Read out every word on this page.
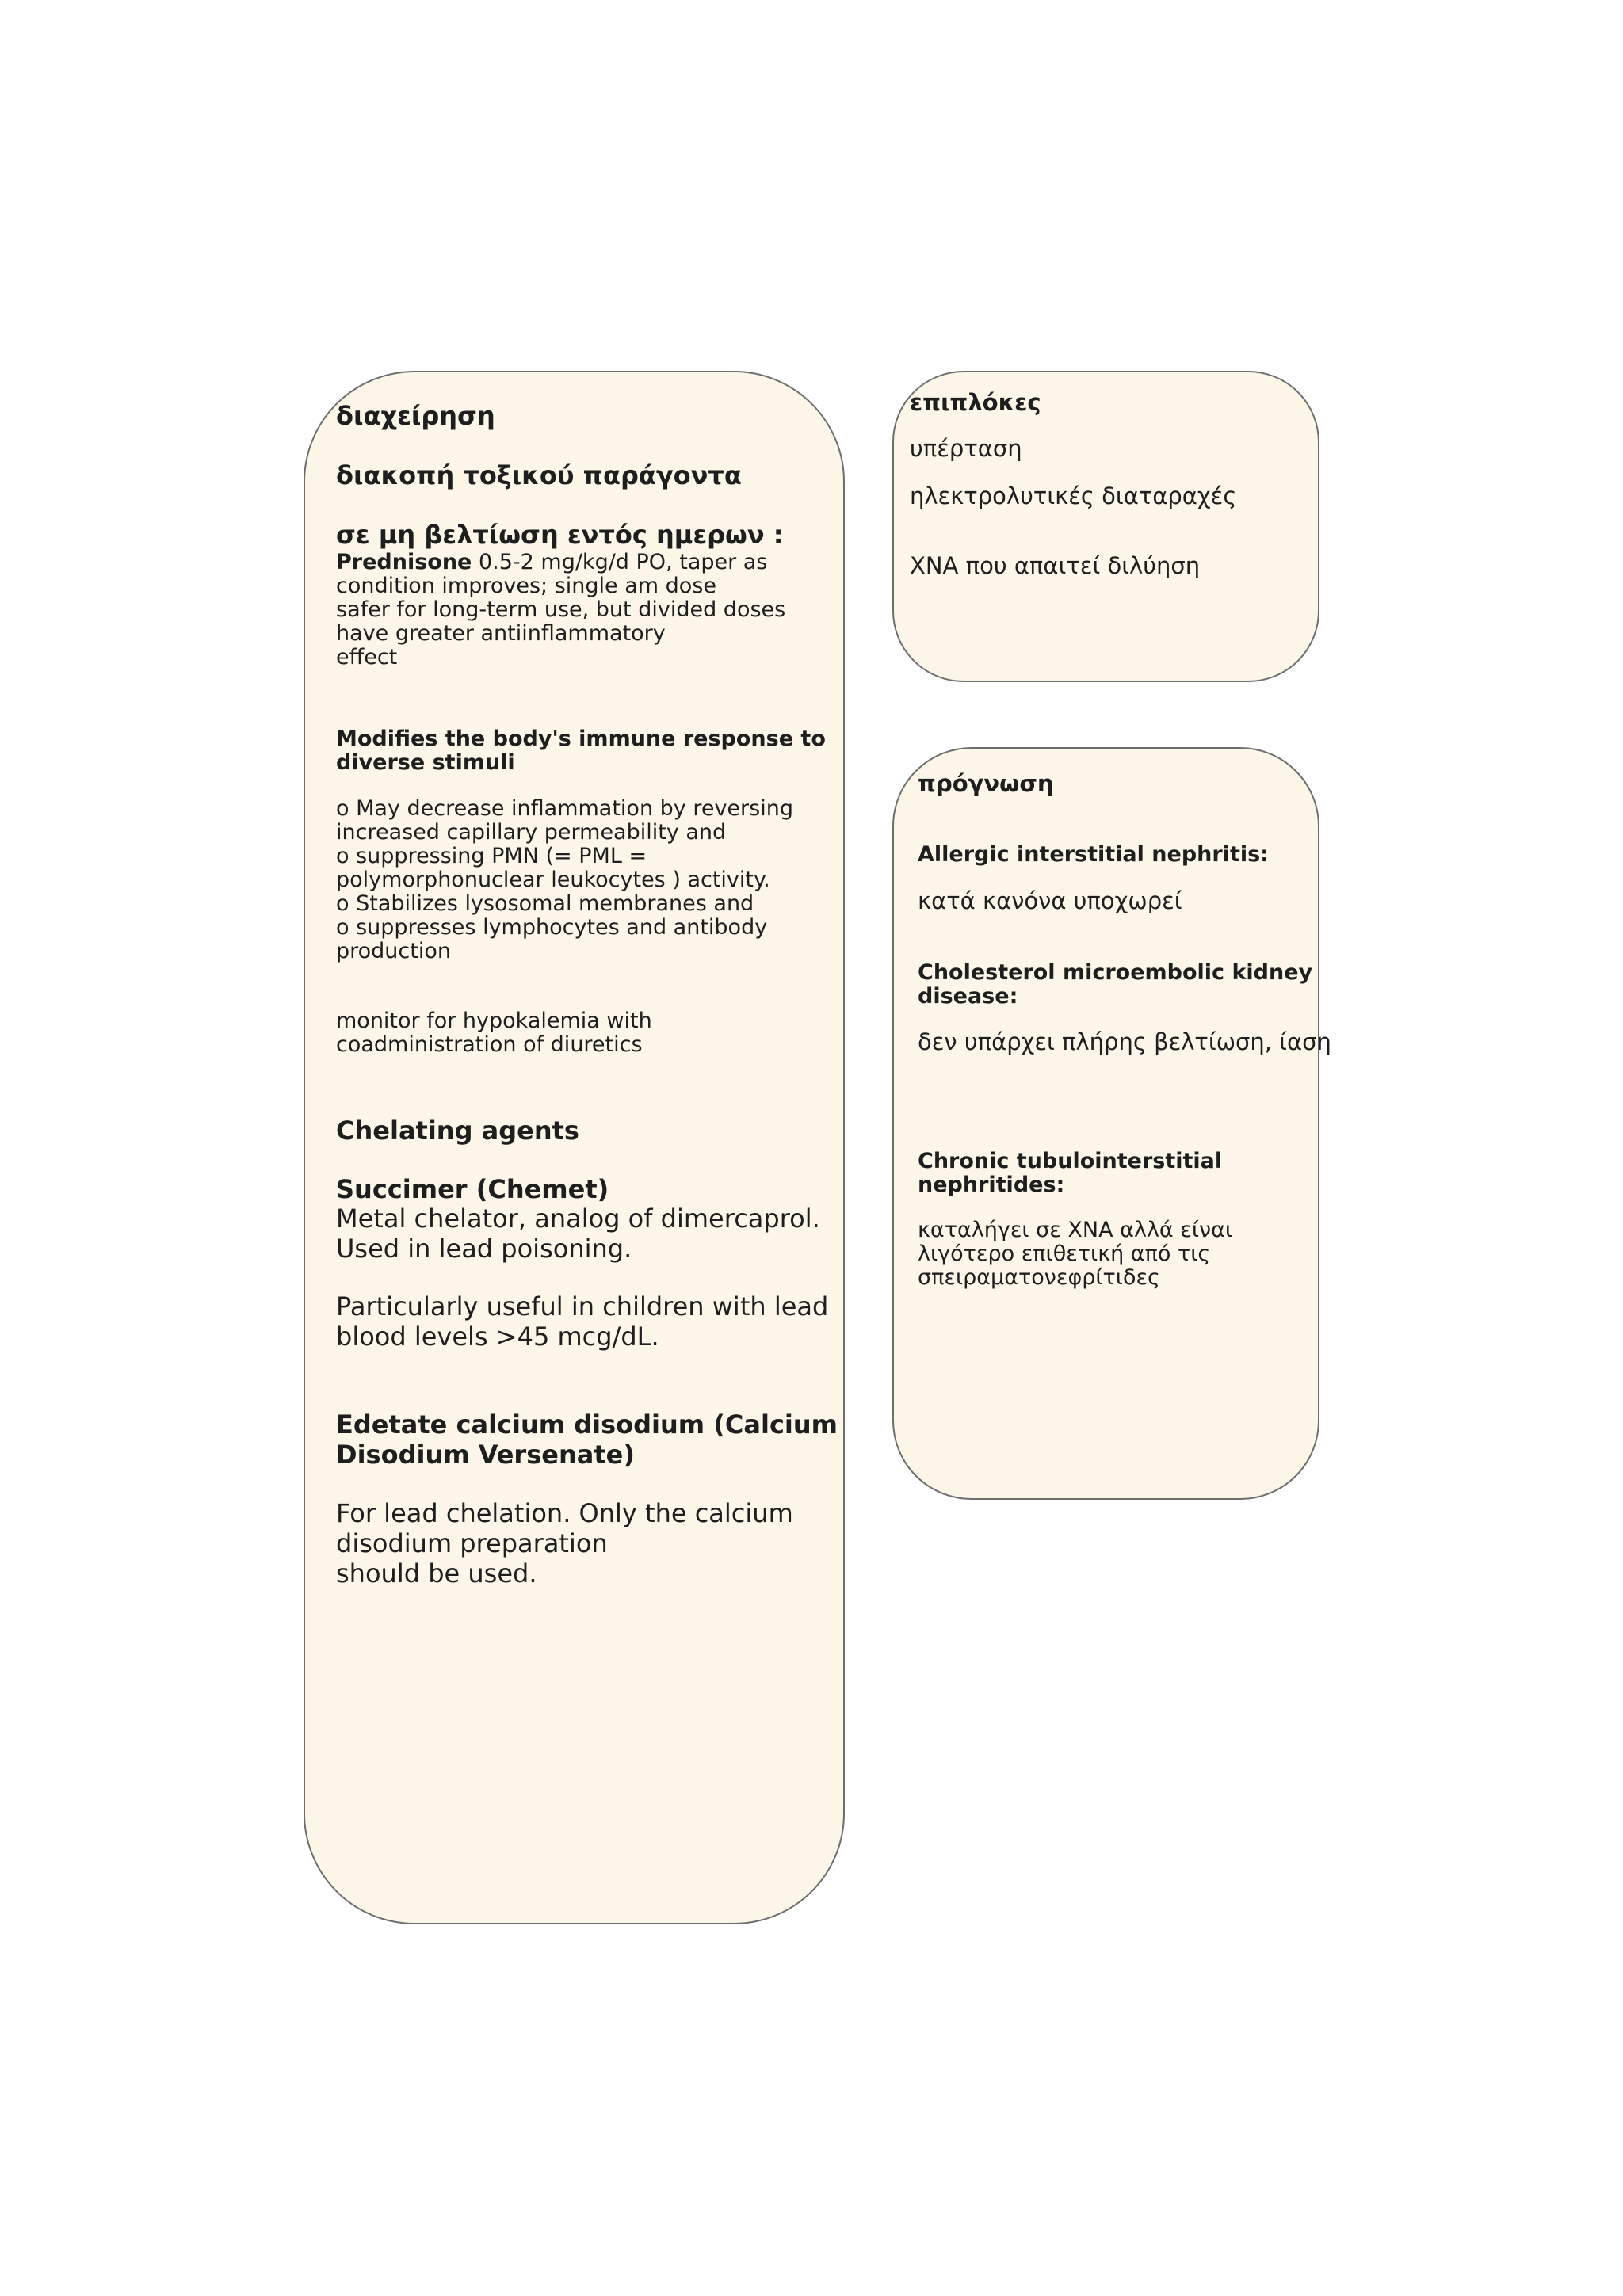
διαχείρηση

διακοπή τοξικού παράγοντα

σε μη βελτίωση εντός ημερων :

Prednisone 0.5-2 mg/kg/d PO, taper as

condition improves; single am dose
safer for long-term use, but divided doses
have greater antiinflammatory
effect

Modifies the body's immune response to
diverse stimuli

o May decrease inflammation by reversing
increased capillary permeability and
o suppressing PMN (= PML =
polymorphonuclear leukocytes ) activity.
o Stabilizes lysosomal membranes and
o suppresses lymphocytes and antibody
production

monitor for hypokalemia with
coadministration of diuretics

Chelating agents

Succimer (Chemet)

Metal chelator, analog of dimercaprol.
Used in lead poisoning.

Particularly useful in children with lead
blood levels >45 mcg/dL.

Edetate calcium disodium (Calcium
Disodium Versenate)

For lead chelation. Only the calcium
disodium preparation
should be used.

επιπλόκες

υπέρταση

ηλεκτρολυτικές διαταραχές

ΧΝΑ που απαιτεί διλύηση

πρόγνωση

Allergic interstitial nephritis:

κατά κανόνα υποχωρεί

Cholesterol microembolic kidney
disease:

δεν υπάρχει πλήρης βελτίωση, ίαση

Chronic tubulointerstitial
nephritides:

καταλήγει σε ΧΝΑ αλλά είναι
λιγότερο επιθετική από τις
σπειραματονεφρίτιδες
